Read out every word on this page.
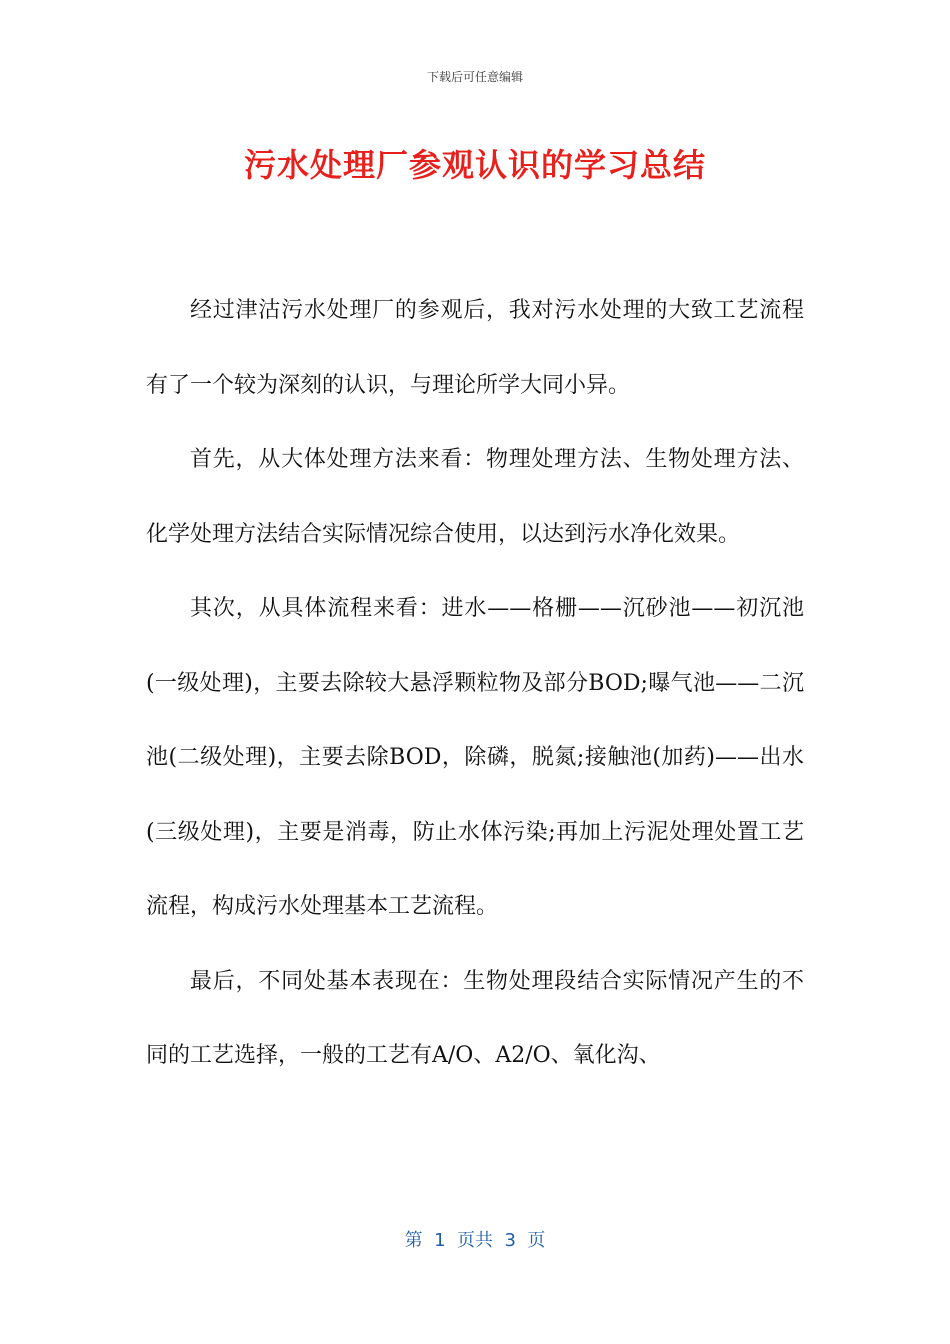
下载后可任意编辑
污水处理厂参观认识的学习总结

经过津沽污水处理厂的参观后，我对污水处理的大致工艺流程有了一个较为深刻的认识，与理论所学大同小异。

首先，从大体处理方法来看：物理处理方法、生物处理方法、化学处理方法结合实际情况综合使用，以达到污水净化效果。

其次，从具体流程来看：进水——格栅——沉砂池——初沉池(一级处理)，主要去除较大悬浮颗粒物及部分BOD;曝气池——二沉池(二级处理)，主要去除BOD，除磷，脱氮;接触池(加药)——出水(三级处理)，主要是消毒，防止水体污染;再加上污泥处理处置工艺流程，构成污水处理基本工艺流程。

最后，不同处基本表现在：生物处理段结合实际情况产生的不同的工艺选择，一般的工艺有A/O、A2/O、氧化沟、

第  1  页共  3  页
